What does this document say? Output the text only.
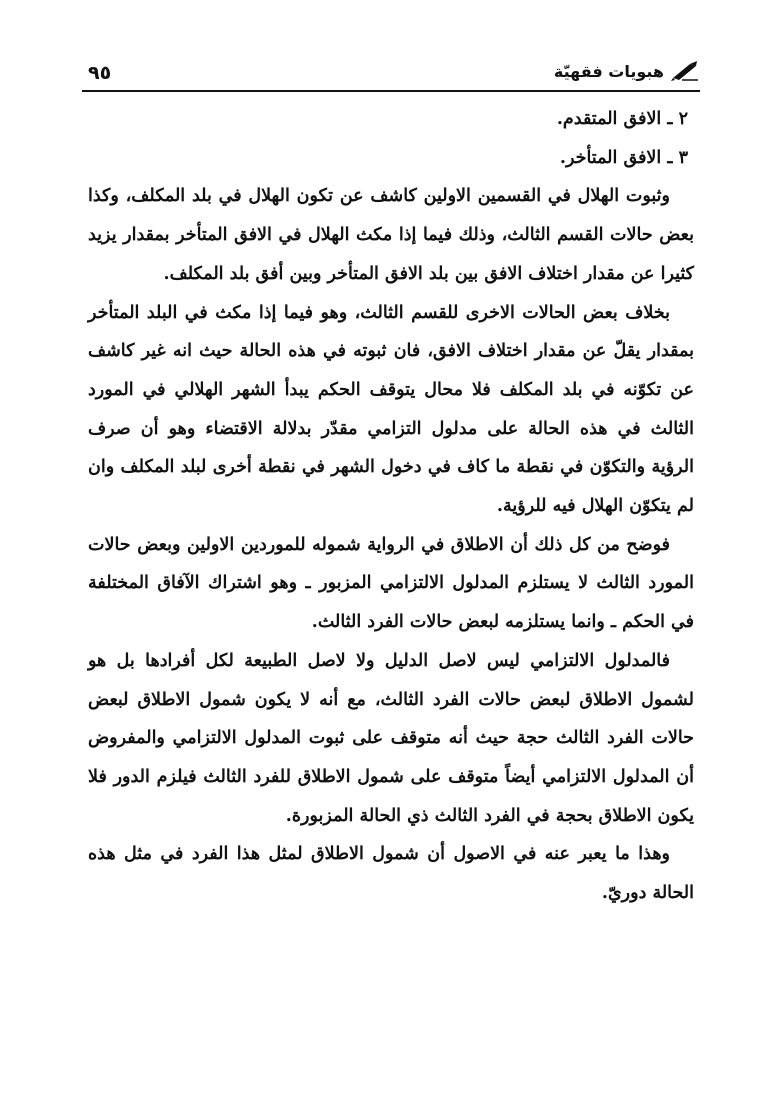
٩٥	هبويات فقهيّة

٢ ـ الافق المتقدم.

٣ ـ الافق المتأخر.

وثبوت الهلال في القسمين الاولين كاشف عن تكون الهلال في بلد المكلف، وكذا بعض حالات القسم الثالث، وذلك فيما إذا مكث الهلال في الافق المتأخر بمقدار يزيد كثيرا عن مقدار اختلاف الافق بين بلد الافق المتأخر وبين أفق بلد المكلف.

بخلاف بعض الحالات الاخرى للقسم الثالث، وهو فيما إذا مكث في البلد المتأخر بمقدار يقلّ عن مقدار اختلاف الافق، فان ثبوته في هذه الحالة حيث انه غير كاشف عن تكوّنه في بلد المكلف فلا محال يتوقف الحكم يبدأ الشهر الهلالي في المورد الثالث في هذه الحالة على مدلول التزامي مقدّر بدلالة الاقتضاء وهو أن صرف الرؤية والتكوّن في نقطة ما كاف في دخول الشهر في نقطة أخرى لبلد المكلف وان لم يتكوّن الهلال فيه للرؤية.

فوضح من كل ذلك أن الاطلاق في الرواية شموله للموردين الاولين وبعض حالات المورد الثالث لا يستلزم المدلول الالتزامي المزبور ـ وهو اشتراك الآفاق المختلفة في الحكم ـ وانما يستلزمه لبعض حالات الفرد الثالث.

فالمدلول الالتزامي ليس لاصل الدليل ولا لاصل الطبيعة لكل أفرادها بل هو لشمول الاطلاق لبعض حالات الفرد الثالث، مع أنه لا يكون شمول الاطلاق لبعض حالات الفرد الثالث حجة حيث أنه متوقف على ثبوت المدلول الالتزامي والمفروض أن المدلول الالتزامي أيضاً متوقف على شمول الاطلاق للفرد الثالث فيلزم الدور فلا يكون الاطلاق بحجة في الفرد الثالث ذي الحالة المزبورة.

وهذا ما يعبر عنه في الاصول أن شمول الاطلاق لمثل هذا الفرد في مثل هذه الحالة دوريّ.
